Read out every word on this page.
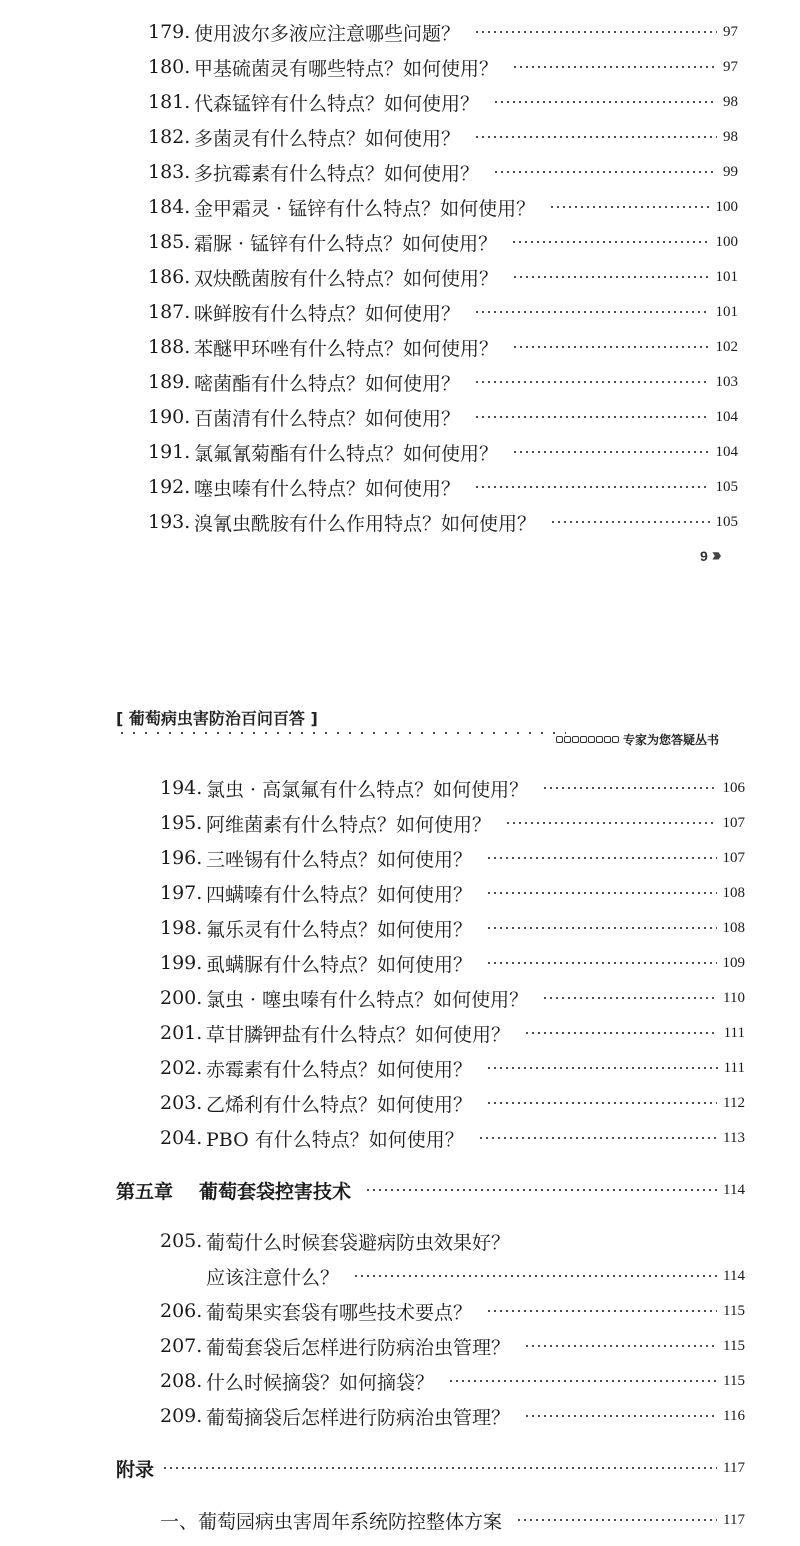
179. 使用波尔多液应注意哪些问题？	97
180. 甲基硫菌灵有哪些特点？如何使用？	97
181. 代森锰锌有什么特点？如何使用？	98
182. 多菌灵有什么特点？如何使用？	98
183. 多抗霉素有什么特点？如何使用？	99
184. 金甲霜灵 · 锰锌有什么特点？如何使用？	100
185. 霜脲 · 锰锌有什么特点？如何使用？	100
186. 双炔酰菌胺有什么特点？如何使用？	101
187. 咪鲜胺有什么特点？如何使用？	101
188. 苯醚甲环唑有什么特点？如何使用？	102
189. 嘧菌酯有什么特点？如何使用？	103
190. 百菌清有什么特点？如何使用？	104
191. 氯氟氰菊酯有什么特点？如何使用？	104
192. 噻虫嗪有什么特点？如何使用？	105
193. 溴氰虫酰胺有什么作用特点？如何使用？	105
9 ›››
[ 葡萄病虫害防治百问百答 ]
专家为您答疑丛书
194. 氯虫 · 高氯氟有什么特点？如何使用？	106
195. 阿维菌素有什么特点？如何使用？	107
196. 三唑锡有什么特点？如何使用？	107
197. 四螨嗪有什么特点？如何使用？	108
198. 氟乐灵有什么特点？如何使用？	108
199. 虱螨脲有什么特点？如何使用？	109
200. 氯虫 · 噻虫嗪有什么特点？如何使用？	110
201. 草甘膦钾盐有什么特点？如何使用？	111
202. 赤霉素有什么特点？如何使用？	111
203. 乙烯利有什么特点？如何使用？	112
204. PBO 有什么特点？如何使用？	113
第五章 葡萄套袋控害技术	114
205. 葡萄什么时候套袋避病防虫效果好？
应该注意什么？	114
206. 葡萄果实套袋有哪些技术要点？	115
207. 葡萄套袋后怎样进行防病治虫管理？	115
208. 什么时候摘袋？如何摘袋？	115
209. 葡萄摘袋后怎样进行防病治虫管理？	116
附录	117
一、葡萄园病虫害周年系统防控整体方案	117
